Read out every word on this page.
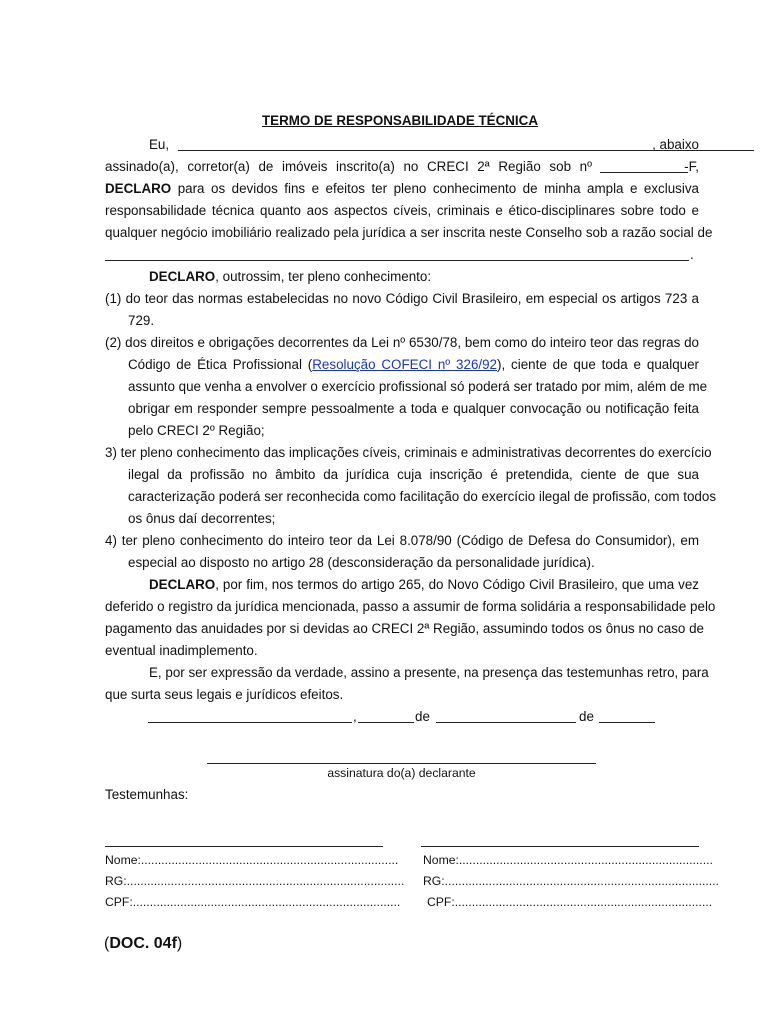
TERMO DE RESPONSABILIDADE TÉCNICA
Eu,	, abaixo
assinado(a), corretor(a) de imóveis inscrito(a) no CRECI 2ª Região sob nº	-F,
DECLARO para os devidos fins e efeitos ter pleno conhecimento de minha ampla e exclusiva
responsabilidade técnica quanto aos aspectos cíveis, criminais e ético-disciplinares sobre todo e
qualquer negócio imobiliário realizado pela jurídica a ser inscrita neste Conselho sob a razão social de
.
DECLARO, outrossim, ter pleno conhecimento:
(1) do teor das normas estabelecidas no novo Código Civil Brasileiro, em especial os artigos 723 a
729.
(2) dos direitos e obrigações decorrentes da Lei nº 6530/78, bem como do inteiro teor das regras do
Código de Ética Profissional (Resolução COFECI nº 326/92), ciente de que toda e qualquer
assunto que venha a envolver o exercício profissional só poderá ser tratado por mim, além de me
obrigar em responder sempre pessoalmente a toda e qualquer convocação ou notificação feita
pelo CRECI 2º Região;
3) ter pleno conhecimento das implicações cíveis, criminais e administrativas decorrentes do exercício
ilegal da profissão no âmbito da jurídica cuja inscrição é pretendida, ciente de que sua
caracterização poderá ser reconhecida como facilitação do exercício ilegal de profissão, com todos
os ônus daí decorrentes;
4) ter pleno conhecimento do inteiro teor da Lei 8.078/90 (Código de Defesa do Consumidor), em
especial ao disposto no artigo 28 (desconsideração da personalidade jurídica).
DECLARO, por fim, nos termos do artigo 265, do Novo Código Civil Brasileiro, que uma vez
deferido o registro da jurídica mencionada, passo a assumir de forma solidária a responsabilidade pelo
pagamento das anuidades por si devidas ao CRECI 2ª Região, assumindo todos os ônus no caso de
eventual inadimplemento.
E, por ser expressão da verdade, assino a presente, na presença das testemunhas retro, para
que surta seus legais e jurídicos efeitos.
,	de	de
assinatura do(a) declarante
Testemunhas:
Nome:............................................................................
RG:..................................................................................
CPF:...............................................................................
Nome:...........................................................................
RG:.................................................................................
CPF:............................................................................
(DOC. 04f)
